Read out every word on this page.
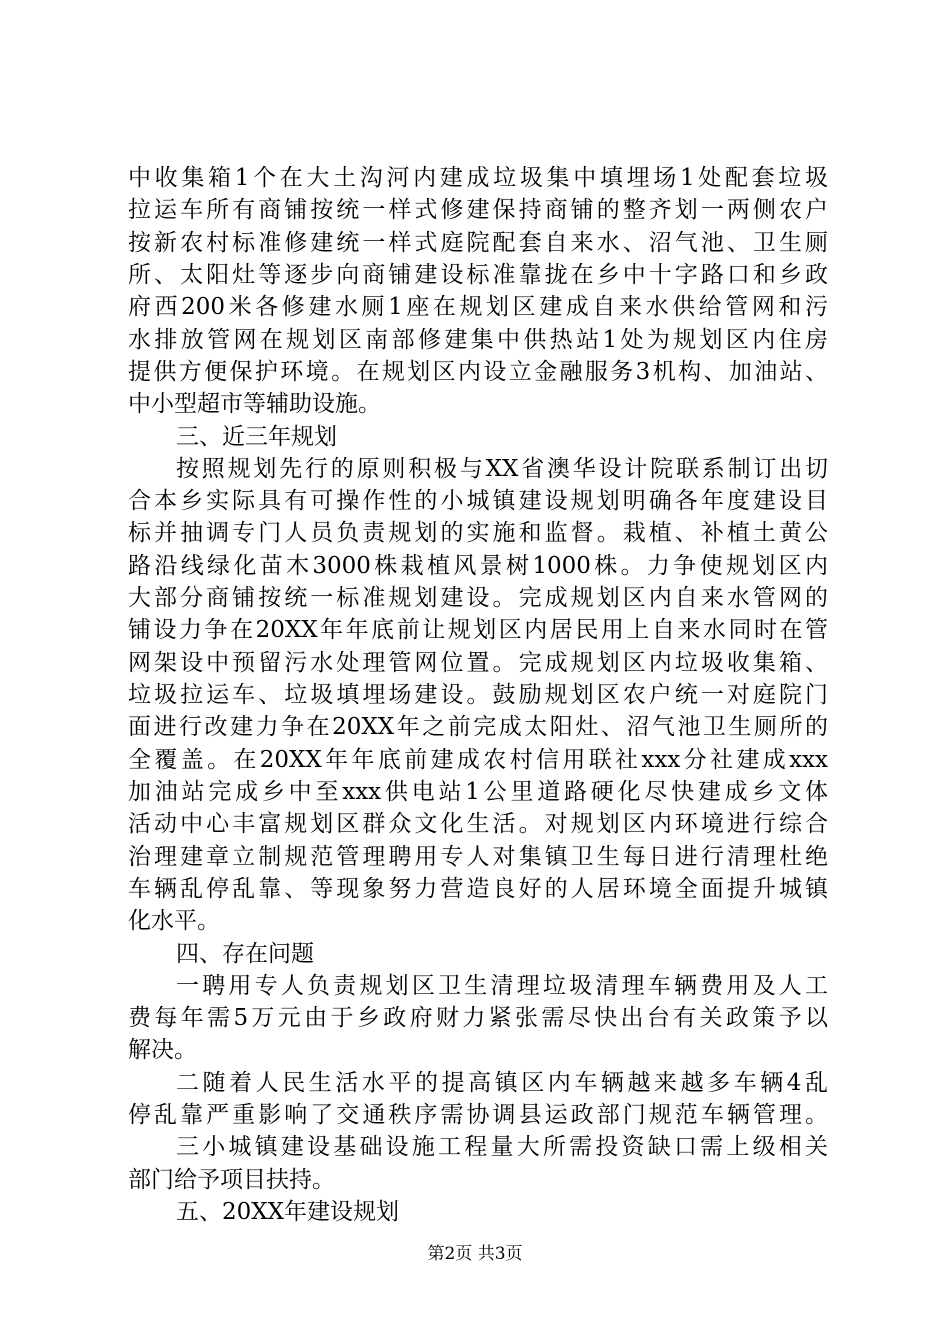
中收集箱1个在大土沟河内建成垃圾集中填埋场1处配套垃圾
拉运车所有商铺按统一样式修建保持商铺的整齐划一两侧农户
按新农村标准修建统一样式庭院配套自来水、沼气池、卫生厕
所、太阳灶等逐步向商铺建设标准靠拢在乡中十字路口和乡政
府西200米各修建水厕1座在规划区建成自来水供给管网和污
水排放管网在规划区南部修建集中供热站1处为规划区内住房
提供方便保护环境。在规划区内设立金融服务3机构、加油站、
中小型超市等辅助设施。
三、近三年规划
按照规划先行的原则积极与XX省澳华设计院联系制订出切
合本乡实际具有可操作性的小城镇建设规划明确各年度建设目
标并抽调专门人员负责规划的实施和监督。栽植、补植土黄公
路沿线绿化苗木3000株栽植风景树1000株。力争使规划区内
大部分商铺按统一标准规划建设。完成规划区内自来水管网的
铺设力争在20XX年年底前让规划区内居民用上自来水同时在管
网架设中预留污水处理管网位置。完成规划区内垃圾收集箱、
垃圾拉运车、垃圾填埋场建设。鼓励规划区农户统一对庭院门
面进行改建力争在20XX年之前完成太阳灶、沼气池卫生厕所的
全覆盖。在20XX年年底前建成农村信用联社xxx分社建成xxx
加油站完成乡中至xxx供电站1公里道路硬化尽快建成乡文体
活动中心丰富规划区群众文化生活。对规划区内环境进行综合
治理建章立制规范管理聘用专人对集镇卫生每日进行清理杜绝
车辆乱停乱靠、等现象努力营造良好的人居环境全面提升城镇
化水平。
四、存在问题
一聘用专人负责规划区卫生清理垃圾清理车辆费用及人工
费每年需5万元由于乡政府财力紧张需尽快出台有关政策予以
解决。
二随着人民生活水平的提高镇区内车辆越来越多车辆4乱
停乱靠严重影响了交通秩序需协调县运政部门规范车辆管理。
三小城镇建设基础设施工程量大所需投资缺口需上级相关
部门给予项目扶持。
五、20XX年建设规划
第2页 共3页
